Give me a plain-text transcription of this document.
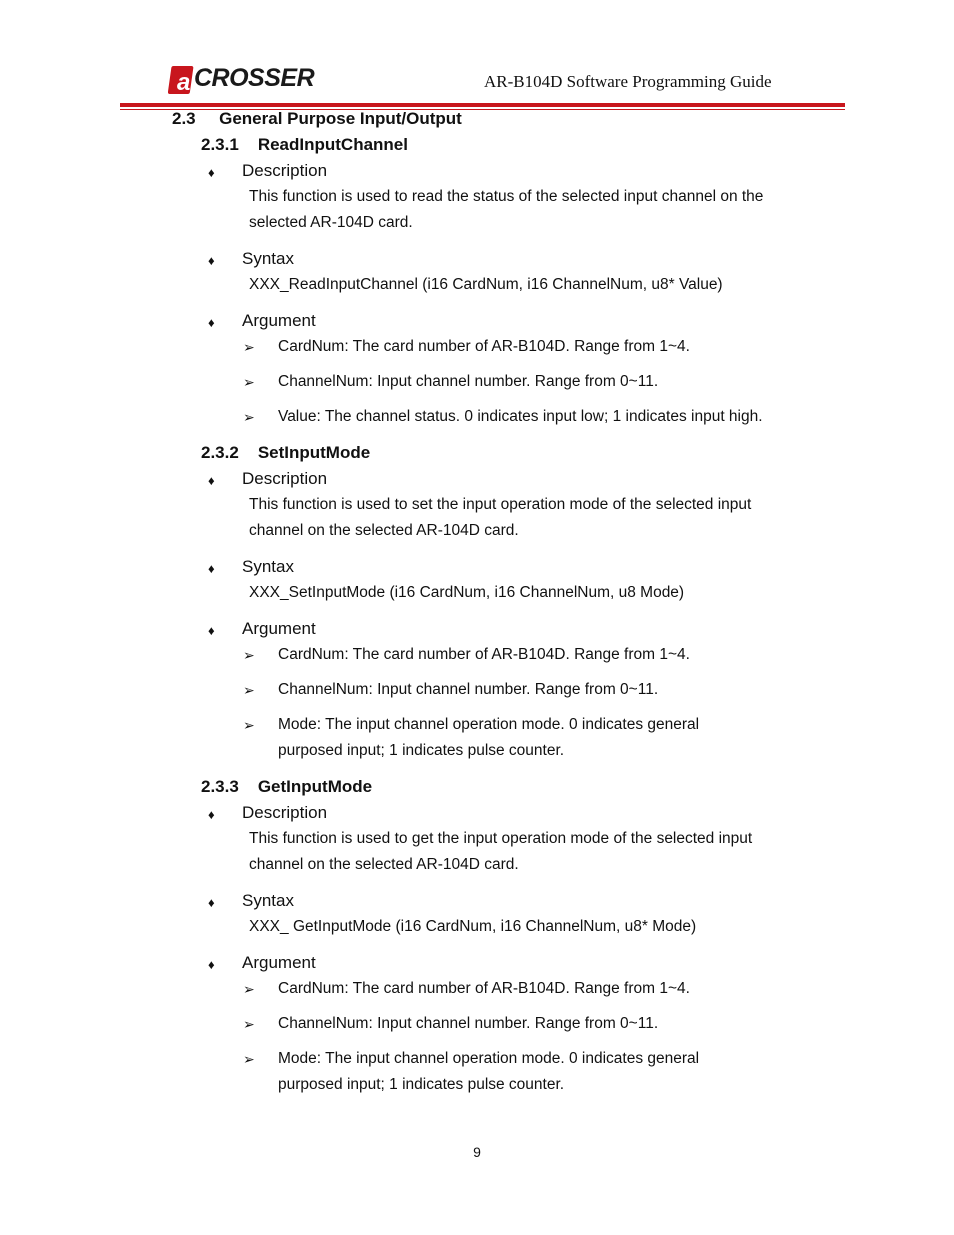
a CROSSER	AR-B104D Software Programming Guide
2.3 General Purpose Input/Output
2.3.1 ReadInputChannel
♦ Description
This function is used to read the status of the selected input channel on the
selected AR-104D card.
♦ Syntax
XXX_ReadInputChannel (i16 CardNum, i16 ChannelNum, u8* Value)
♦ Argument
➢ CardNum: The card number of AR-B104D. Range from 1~4.
➢ ChannelNum: Input channel number. Range from 0~11.
➢ Value: The channel status. 0 indicates input low; 1 indicates input high.
2.3.2 SetInputMode
♦ Description
This function is used to set the input operation mode of the selected input
channel on the selected AR-104D card.
♦ Syntax
XXX_SetInputMode (i16 CardNum, i16 ChannelNum, u8 Mode)
♦ Argument
➢ CardNum: The card number of AR-B104D. Range from 1~4.
➢ ChannelNum: Input channel number. Range from 0~11.
➢ Mode: The input channel operation mode. 0 indicates general
purposed input; 1 indicates pulse counter.
2.3.3 GetInputMode
♦ Description
This function is used to get the input operation mode of the selected input
channel on the selected AR-104D card.
♦ Syntax
XXX_ GetInputMode (i16 CardNum, i16 ChannelNum, u8* Mode)
♦ Argument
➢ CardNum: The card number of AR-B104D. Range from 1~4.
➢ ChannelNum: Input channel number. Range from 0~11.
➢ Mode: The input channel operation mode. 0 indicates general
purposed input; 1 indicates pulse counter.
9
